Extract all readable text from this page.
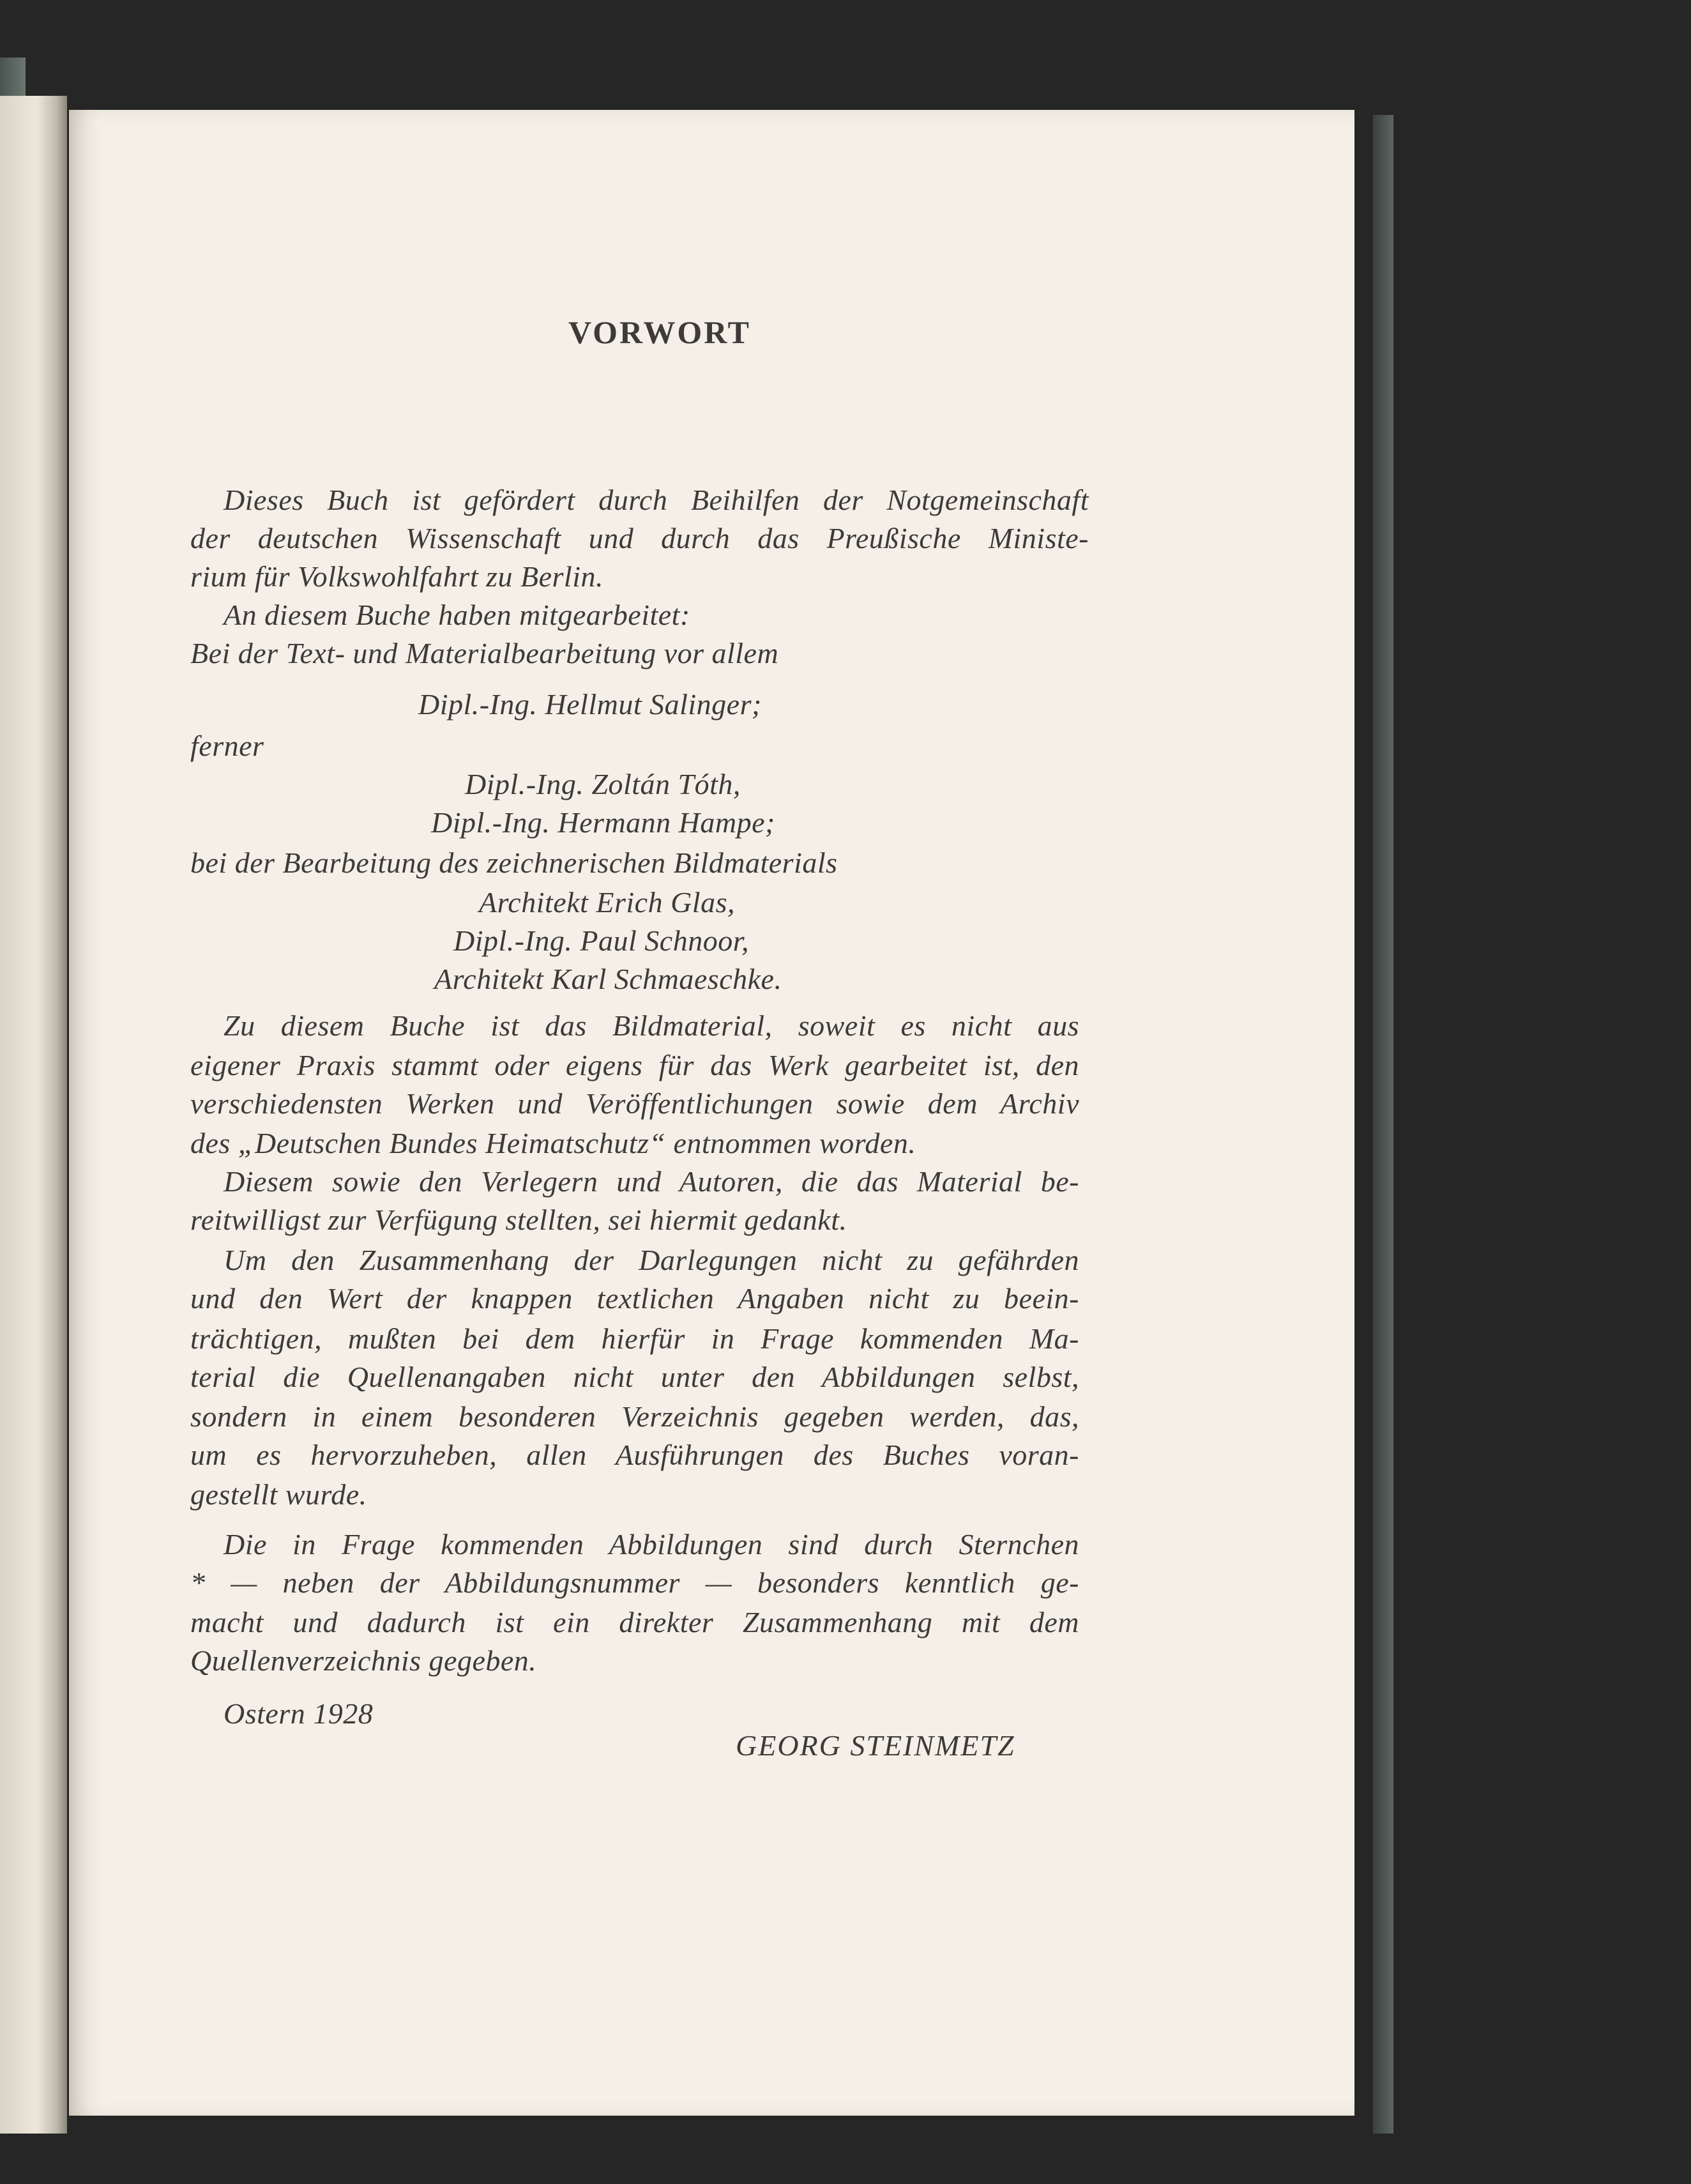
VORWORT

Dieses Buch ist gefördert durch Beihilfen der Notgemeinschaft

der deutschen Wissenschaft und durch das Preußische Ministe-

rium für Volkswohlfahrt zu Berlin.

An diesem Buche haben mitgearbeitet:

Bei der Text- und Materialbearbeitung vor allem

Dipl.-Ing. Hellmut Salinger;

ferner

Dipl.-Ing. Zoltán Tóth,

Dipl.-Ing. Hermann Hampe;

bei der Bearbeitung des zeichnerischen Bildmaterials

Architekt Erich Glas,

Dipl.-Ing. Paul Schnoor,

Architekt Karl Schmaeschke.

Zu diesem Buche ist das Bildmaterial, soweit es nicht aus

eigener Praxis stammt oder eigens für das Werk gearbeitet ist, den

verschiedensten Werken und Veröffentlichungen sowie dem Archiv

des „Deutschen Bundes Heimatschutz“ entnommen worden.

Diesem sowie den Verlegern und Autoren, die das Material be-

reitwilligst zur Verfügung stellten, sei hiermit gedankt.

Um den Zusammenhang der Darlegungen nicht zu gefährden

und den Wert der knappen textlichen Angaben nicht zu beein-

trächtigen, mußten bei dem hierfür in Frage kommenden Ma-

terial die Quellenangaben nicht unter den Abbildungen selbst,

sondern in einem besonderen Verzeichnis gegeben werden, das,

um es hervorzuheben, allen Ausführungen des Buches voran-

gestellt wurde.

Die in Frage kommenden Abbildungen sind durch Sternchen

* — neben der Abbildungsnummer — besonders kenntlich ge-

macht und dadurch ist ein direkter Zusammenhang mit dem

Quellenverzeichnis gegeben.

Ostern 1928

GEORG STEINMETZ
